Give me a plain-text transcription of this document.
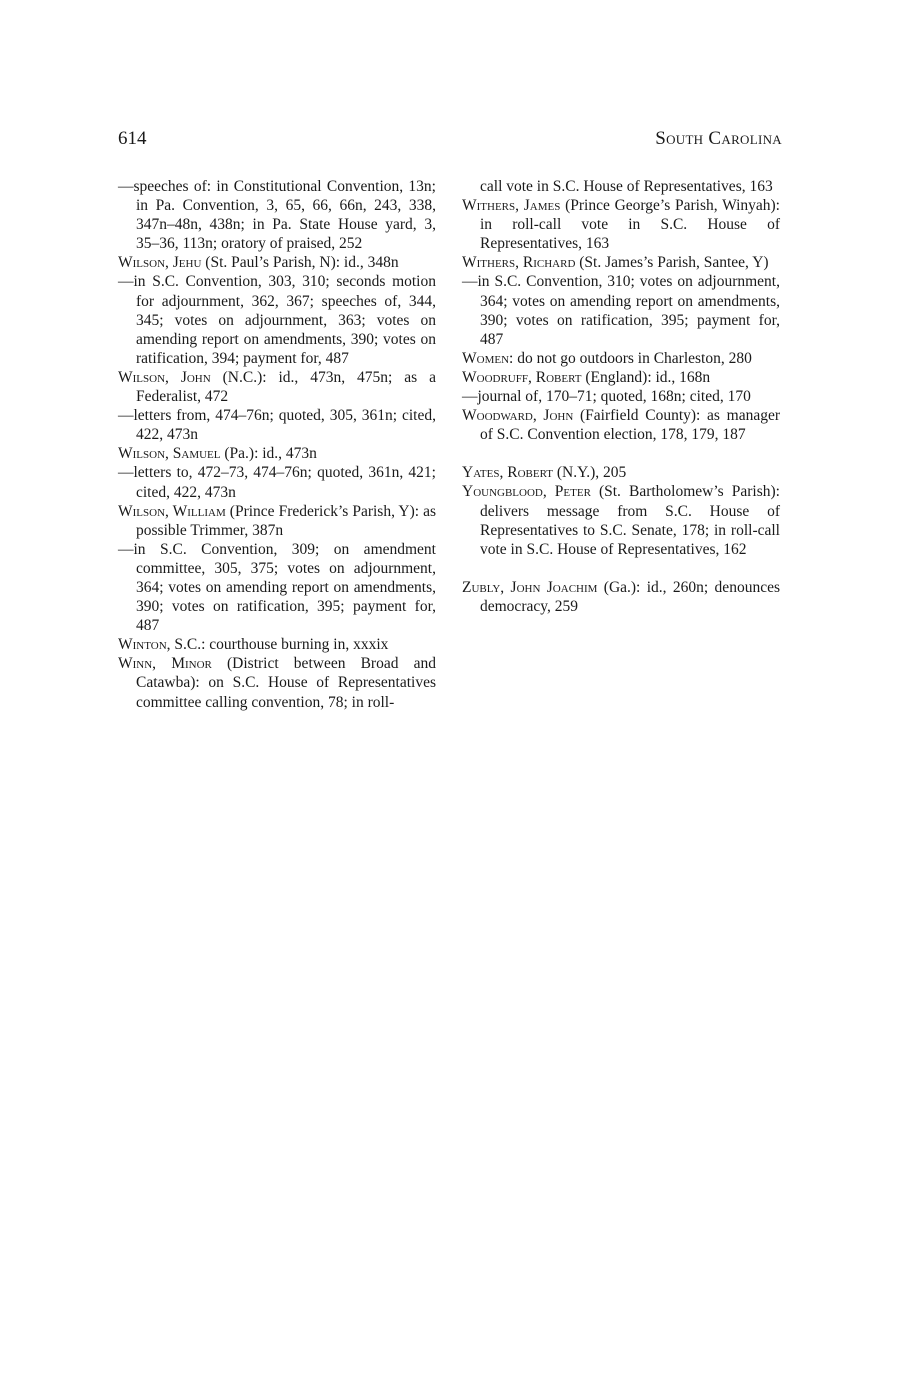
614	South Carolina

—speeches of: in Constitutional Convention, 13n; in Pa. Convention, 3, 65, 66, 66n, 243, 338, 347n–48n, 438n; in Pa. State House yard, 3, 35–36, 113n; oratory of praised, 252

Wilson, Jehu (St. Paul’s Parish, N): id., 348n

—in S.C. Convention, 303, 310; seconds motion for adjournment, 362, 367; speeches of, 344, 345; votes on adjournment, 363; votes on amending report on amendments, 390; votes on ratification, 394; payment for, 487

Wilson, John (N.C.): id., 473n, 475n; as a Federalist, 472

—letters from, 474–76n; quoted, 305, 361n; cited, 422, 473n

Wilson, Samuel (Pa.): id., 473n

—letters to, 472–73, 474–76n; quoted, 361n, 421; cited, 422, 473n

Wilson, William (Prince Frederick’s Parish, Y): as possible Trimmer, 387n

—in S.C. Convention, 309; on amendment committee, 305, 375; votes on adjournment, 364; votes on amending report on amendments, 390; votes on ratification, 395; payment for, 487

Winton, S.C.: courthouse burning in, xxxix

Winn, Minor (District between Broad and Catawba): on S.C. House of Representatives committee calling convention, 78; in roll-

call vote in S.C. House of Representatives, 163

Withers, James (Prince George’s Parish, Winyah): in roll-call vote in S.C. House of Representatives, 163

Withers, Richard (St. James’s Parish, Santee, Y)

—in S.C. Convention, 310; votes on adjournment, 364; votes on amending report on amendments, 390; votes on ratification, 395; payment for, 487

Women: do not go outdoors in Charleston, 280

Woodruff, Robert (England): id., 168n

—journal of, 170–71; quoted, 168n; cited, 170

Woodward, John (Fairfield County): as manager of S.C. Convention election, 178, 179, 187

Yates, Robert (N.Y.), 205

Youngblood, Peter (St. Bartholomew’s Parish): delivers message from S.C. House of Representatives to S.C. Senate, 178; in roll-call vote in S.C. House of Representatives, 162

Zubly, John Joachim (Ga.): id., 260n; denounces democracy, 259
